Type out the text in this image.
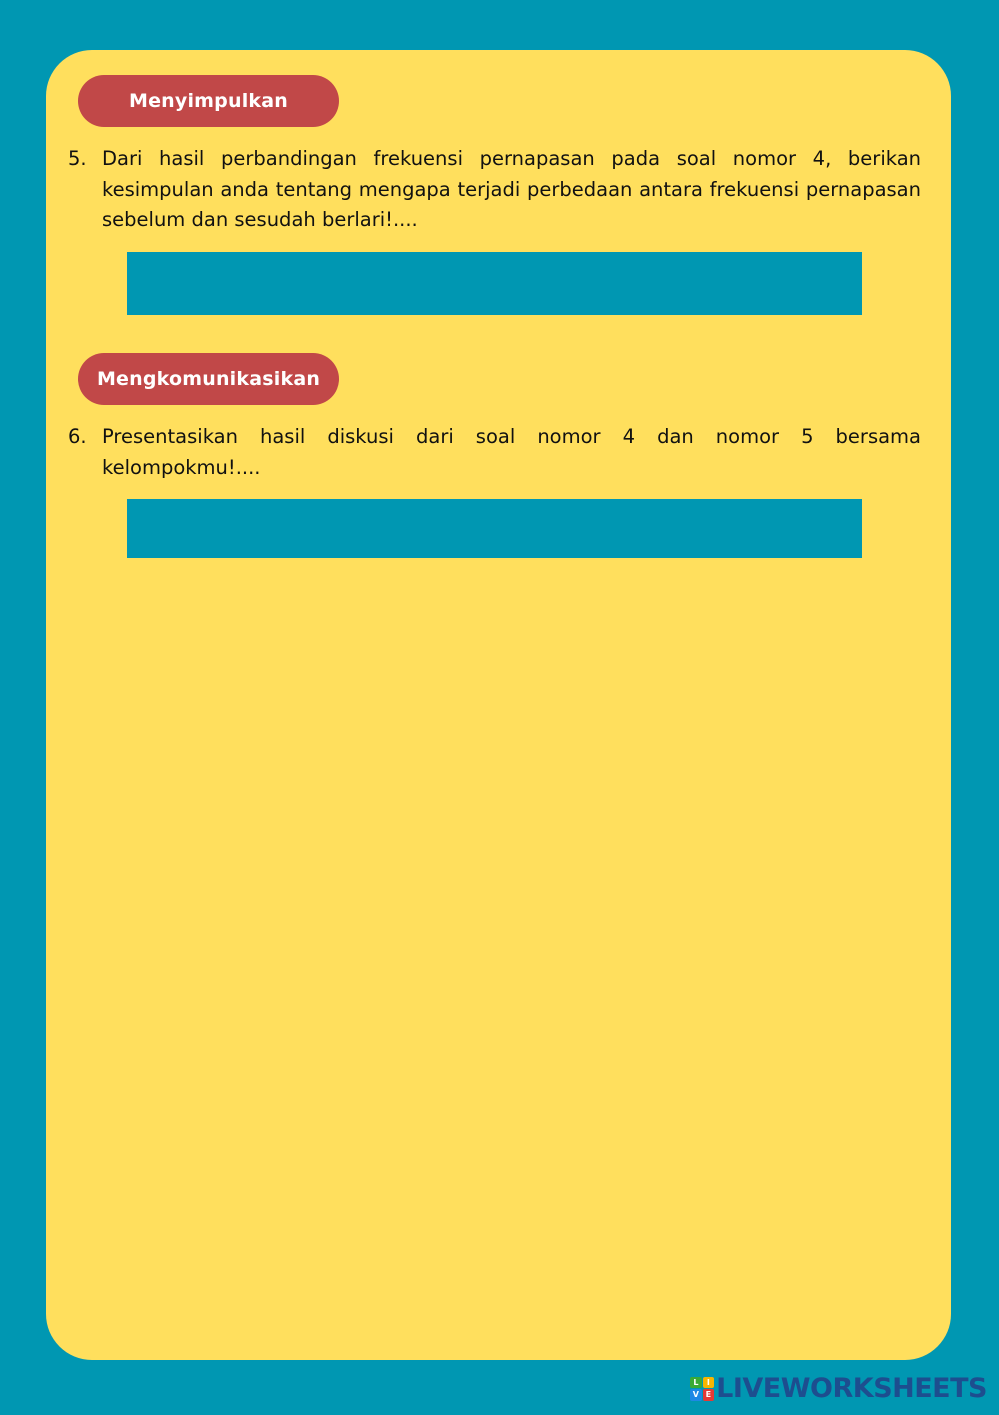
Menyimpulkan
5. Dari hasil perbandingan frekuensi pernapasan pada soal nomor 4, berikan kesimpulan anda tentang mengapa terjadi perbedaan antara frekuensi pernapasan sebelum dan sesudah berlari!....
Mengkomunikasikan
6. Presentasikan hasil diskusi dari soal nomor 4 dan nomor 5 bersama kelompokmu!....
L	I
V E LIVEWORKSHEETS
